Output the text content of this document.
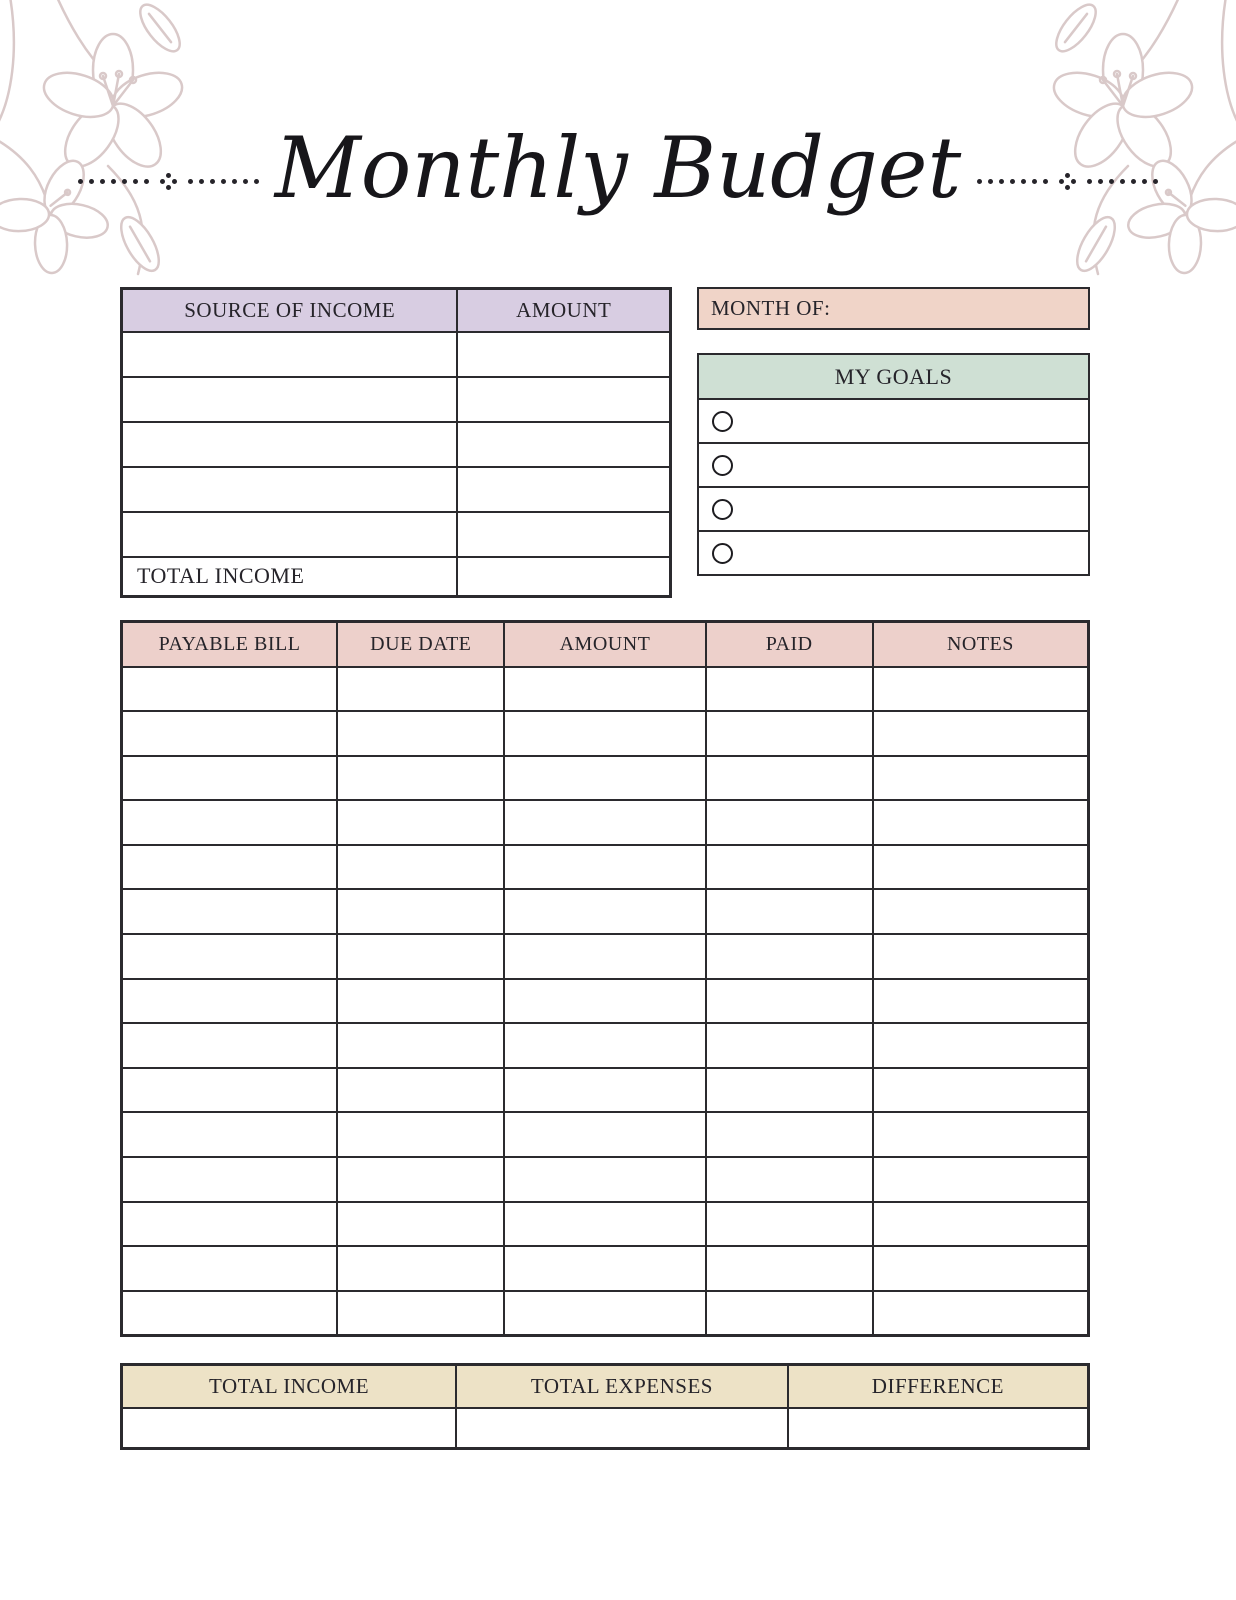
Monthly Budget
SOURCE OF INCOME	AMOUNT

TOTAL INCOME	
MONTH OF:
MY GOALS
PAYABLE BILL	DUE DATE	AMOUNT	PAID	NOTES

TOTAL INCOME	TOTAL EXPENSES	DIFFERENCE
